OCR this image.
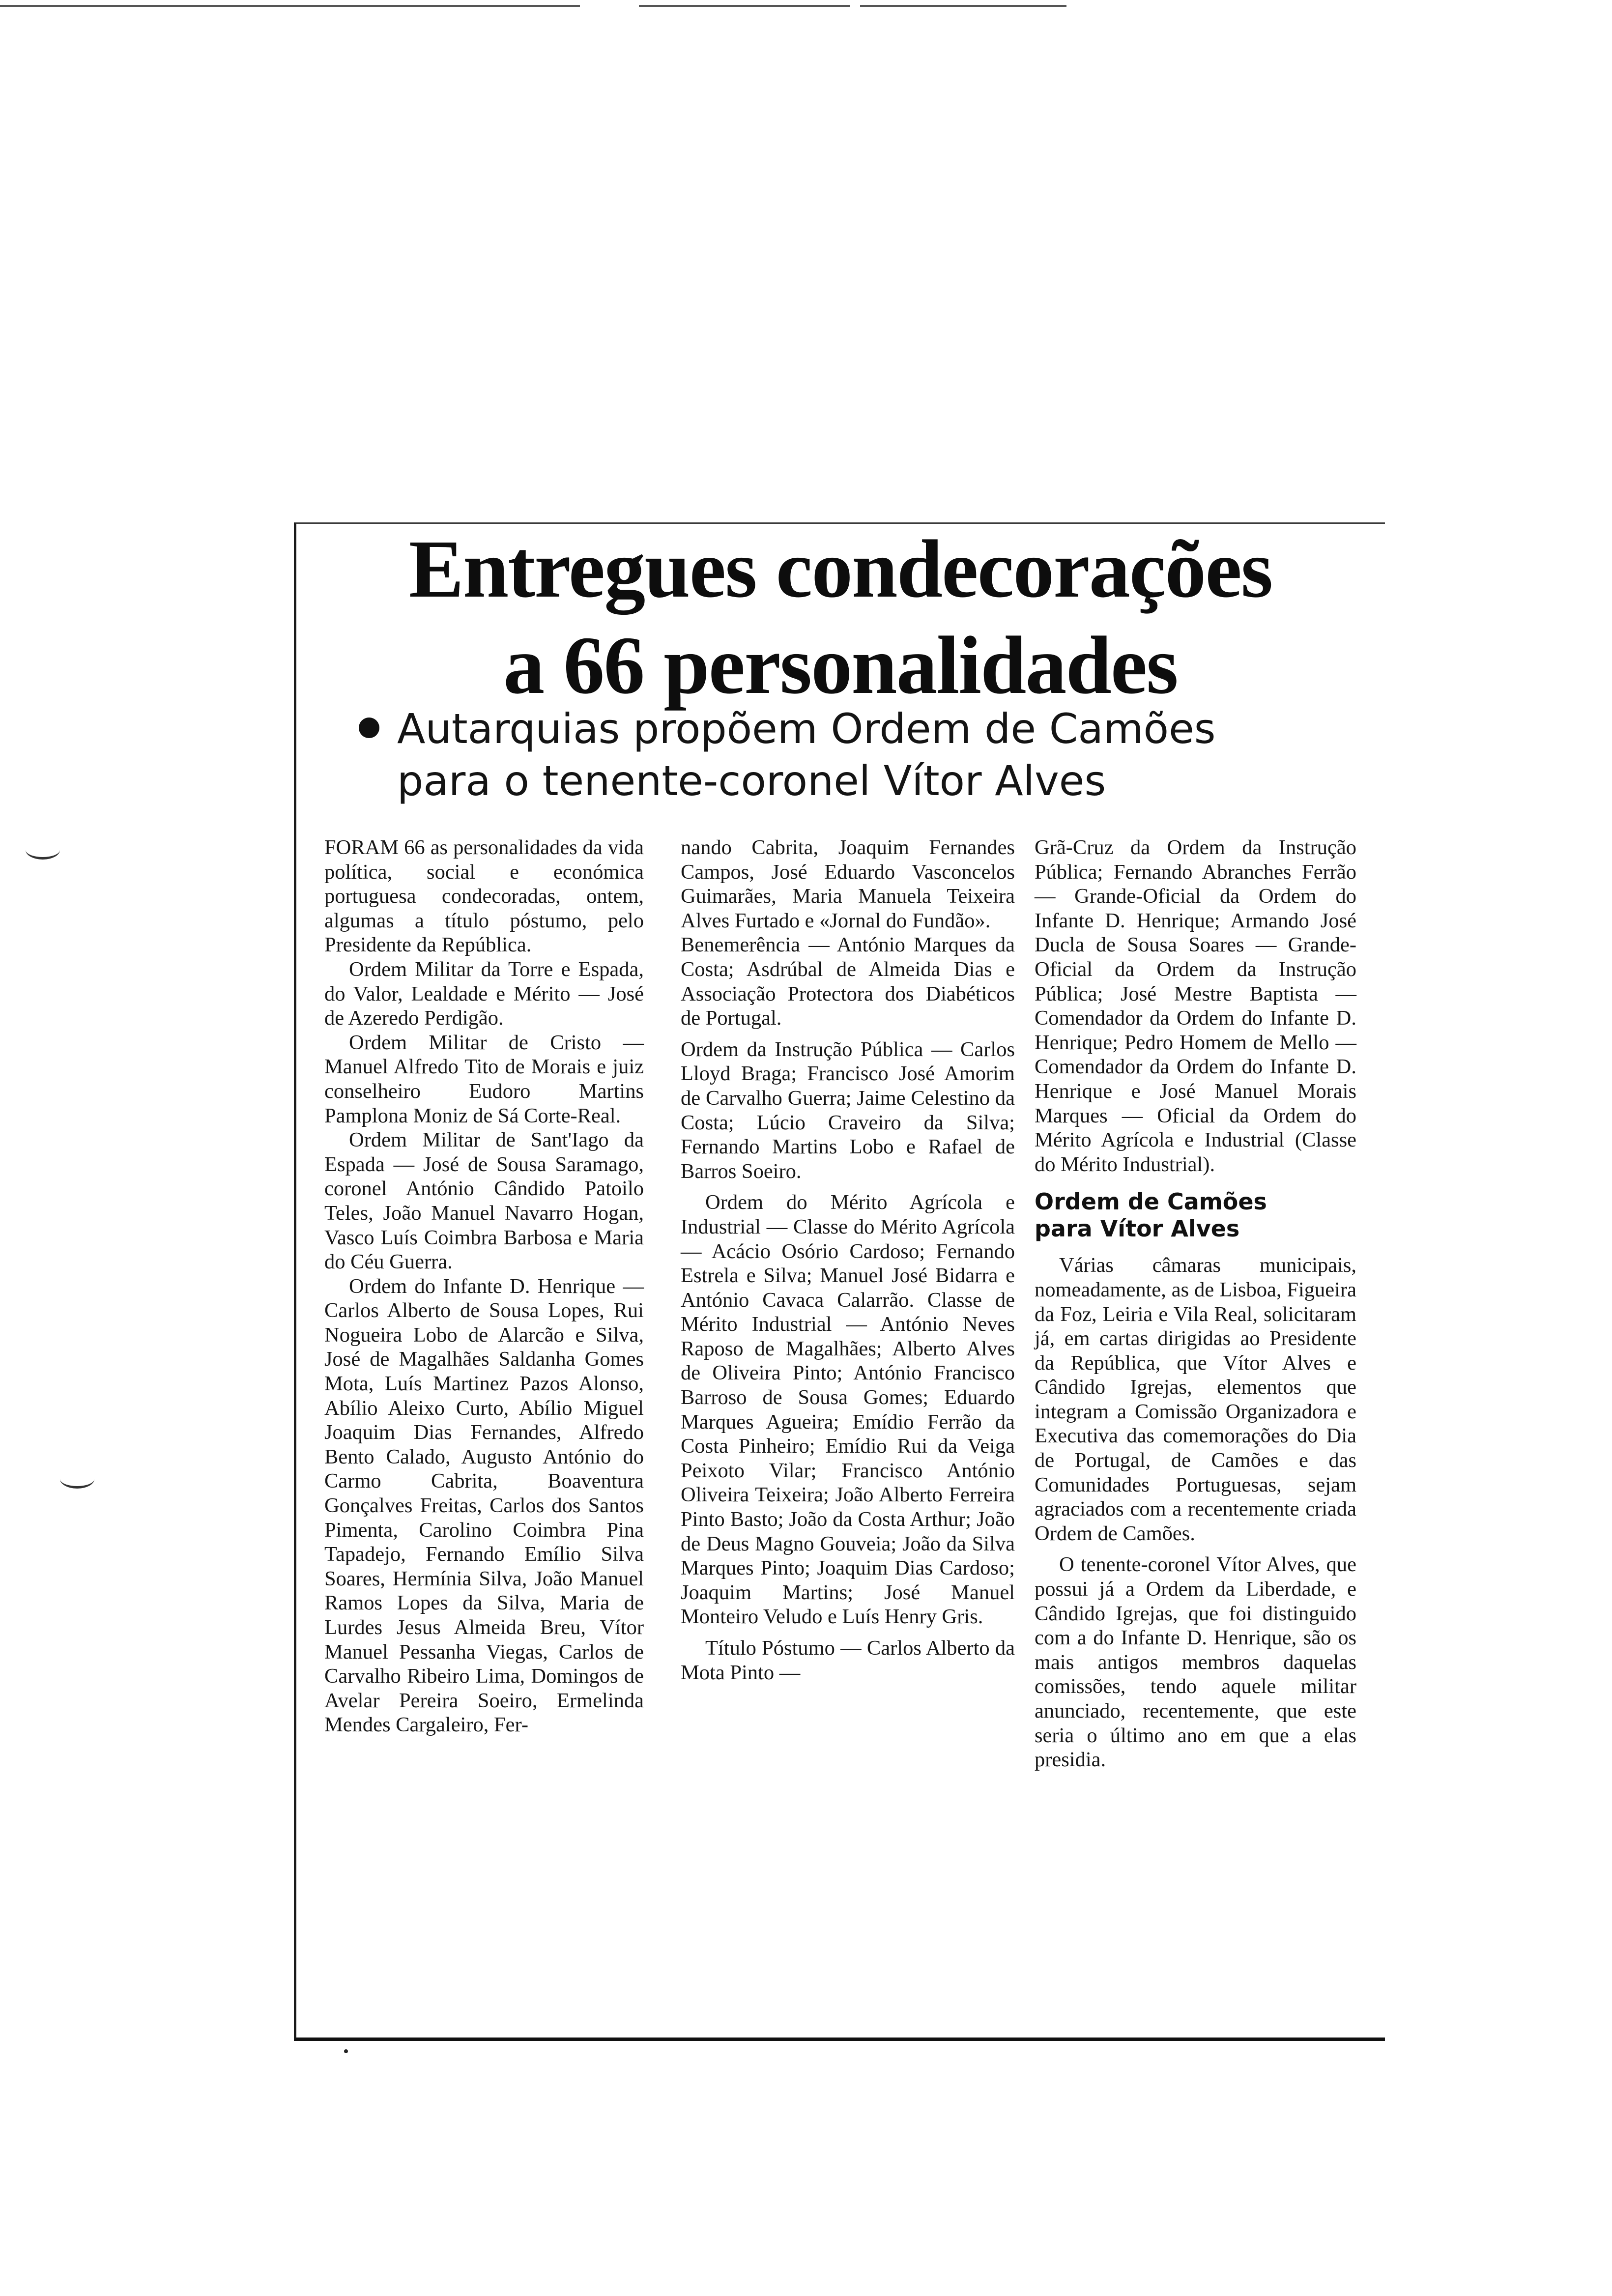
Entregues condecorações
a 66 personalidades
Autarquias propõem Ordem de Camões
para o tenente-coronel Vítor Alves

FORAM 66 as personalidades da vida política, social e económica portuguesa condecoradas, ontem, algumas a título póstumo, pelo Presidente da República.

Ordem Militar da Torre e Espada, do Valor, Lealdade e Mérito — José de Azeredo Perdigão.

Ordem Militar de Cristo — Manuel Alfredo Tito de Morais e juiz conselheiro Eudoro Martins Pamplona Moniz de Sá Corte-Real.

Ordem Militar de Sant'Iago da Espada — José de Sousa Saramago, coronel António Cândido Patoilo Teles, João Manuel Navarro Hogan, Vasco Luís Coimbra Barbosa e Maria do Céu Guerra.

Ordem do Infante D. Henrique — Carlos Alberto de Sousa Lopes, Rui Nogueira Lobo de Alarcão e Silva, José de Magalhães Saldanha Gomes Mota, Luís Martinez Pazos Alonso, Abílio Aleixo Curto, Abílio Miguel Joaquim Dias Fernandes, Alfredo Bento Calado, Augusto António do Carmo Cabrita, Boaventura Gonçalves Freitas, Carlos dos Santos Pimenta, Carolino Coimbra Pina Tapadejo, Fernando Emílio Silva Soares, Hermínia Silva, João Manuel Ramos Lopes da Silva, Maria de Lurdes Jesus Almeida Breu, Vítor Manuel Pessanha Viegas, Carlos de Carvalho Ribeiro Lima, Domingos de Avelar Pereira Soeiro, Ermelinda Mendes Cargaleiro, Fer-

nando Cabrita, Joaquim Fernandes Campos, José Eduardo Vasconcelos Guimarães, Maria Manuela Teixeira Alves Furtado e «Jornal do Fundão».

Benemerência — António Marques da Costa; Asdrúbal de Almeida Dias e Associação Protectora dos Diabéticos de Portugal.

Ordem da Instrução Pública — Carlos Lloyd Braga; Francisco José Amorim de Carvalho Guerra; Jaime Celestino da Costa; Lúcio Craveiro da Silva; Fernando Martins Lobo e Rafael de Barros Soeiro.

Ordem do Mérito Agrícola e Industrial — Classe do Mérito Agrícola — Acácio Osório Cardoso; Fernando Estrela e Silva; Manuel José Bidarra e António Cavaca Calarrão. Classe de Mérito Industrial — António Neves Raposo de Magalhães; Alberto Alves de Oliveira Pinto; António Francisco Barroso de Sousa Gomes; Eduardo Marques Agueira; Emídio Ferrão da Costa Pinheiro; Emídio Rui da Veiga Peixoto Vilar; Francisco António Oliveira Teixeira; João Alberto Ferreira Pinto Basto; João da Costa Arthur; João de Deus Magno Gouveia; João da Silva Marques Pinto; Joaquim Dias Cardoso; Joaquim Martins; José Manuel Monteiro Veludo e Luís Henry Gris.

Título Póstumo — Carlos Alberto da Mota Pinto —

Grã-Cruz da Ordem da Instrução Pública; Fernando Abranches Ferrão — Grande-Oficial da Ordem do Infante D. Henrique; Armando José Ducla de Sousa Soares — Grande-Oficial da Ordem da Instrução Pública; José Mestre Baptista — Comendador da Ordem do Infante D. Henrique; Pedro Homem de Mello — Comendador da Ordem do Infante D. Henrique e José Manuel Morais Marques — Oficial da Ordem do Mérito Agrícola e Industrial (Classe do Mérito Industrial).

Ordem de Camões
para Vítor Alves

Várias câmaras municipais, nomeadamente, as de Lisboa, Figueira da Foz, Leiria e Vila Real, solicitaram já, em cartas dirigidas ao Presidente da República, que Vítor Alves e Cândido Igrejas, elementos que integram a Comissão Organizadora e Executiva das comemorações do Dia de Portugal, de Camões e das Comunidades Portuguesas, sejam agraciados com a recentemente criada Ordem de Camões.

O tenente-coronel Vítor Alves, que possui já a Ordem da Liberdade, e Cândido Igrejas, que foi distinguido com a do Infante D. Henrique, são os mais antigos membros daquelas comissões, tendo aquele militar anunciado, recentemente, que este seria o último ano em que a elas presidia.
